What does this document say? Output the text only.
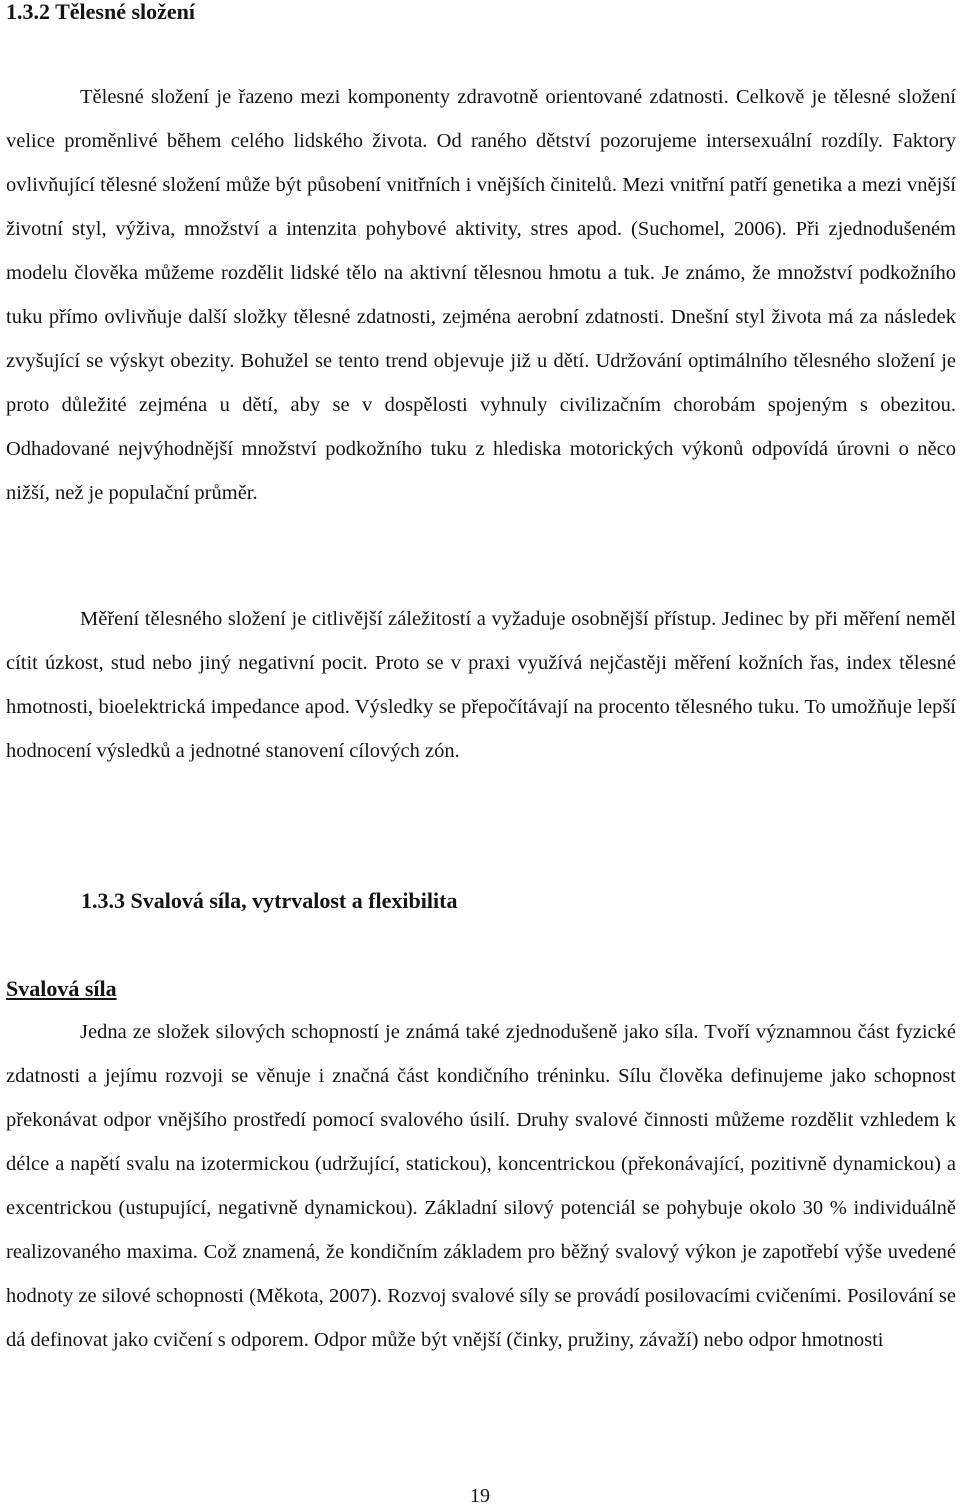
1.3.2 Tělesné složení

Tělesné složení je řazeno mezi komponenty zdravotně orientované zdatnosti. Celkově je tělesné složení velice proměnlivé během celého lidského života. Od raného dětství pozorujeme intersexuální rozdíly. Faktory ovlivňující tělesné složení může být působení vnitřních i vnějších činitelů. Mezi vnitřní patří genetika a mezi vnější životní styl, výživa, množství a intenzita pohybové aktivity, stres apod. (Suchomel, 2006). Při zjednodušeném modelu člověka můžeme rozdělit lidské tělo na aktivní tělesnou hmotu a tuk. Je známo, že množství podkožního tuku přímo ovlivňuje další složky tělesné zdatnosti, zejména aerobní zdatnosti. Dnešní styl života má za následek zvyšující se výskyt obezity. Bohužel se tento trend objevuje již u dětí. Udržování optimálního tělesného složení je proto důležité zejména u dětí, aby se v dospělosti vyhnuly civilizačním chorobám spojeným s obezitou. Odhadované nejvýhodnější množství podkožního tuku z hlediska motorických výkonů odpovídá úrovni o něco nižší, než je populační průměr.

Měření tělesného složení je citlivější záležitostí a vyžaduje osobnější přístup. Jedinec by při měření neměl cítit úzkost, stud nebo jiný negativní pocit. Proto se v praxi využívá nejčastěji měření kožních řas, index tělesné hmotnosti, bioelektrická impedance apod. Výsledky se přepočítávají na procento tělesného tuku. To umožňuje lepší hodnocení výsledků a jednotné stanovení cílových zón.

1.3.3 Svalová síla, vytrvalost a flexibilita
Svalová síla

Jedna ze složek silových schopností je známá také zjednodušeně jako síla. Tvoří významnou část fyzické zdatnosti a jejímu rozvoji se věnuje i značná část kondičního tréninku. Sílu člověka definujeme jako schopnost překonávat odpor vnějšího prostředí pomocí svalového úsilí. Druhy svalové činnosti můžeme rozdělit vzhledem k délce a napětí svalu na izotermickou (udržující, statickou), koncentrickou (překonávající, pozitivně dynamickou) a excentrickou (ustupující, negativně dynamickou). Základní silový potenciál se pohybuje okolo 30 % individuálně realizovaného maxima. Což znamená, že kondičním základem pro běžný svalový výkon je zapotřebí výše uvedené hodnoty ze silové schopnosti (Měkota, 2007). Rozvoj svalové síly se provádí posilovacími cvičeními. Posilování se dá definovat jako cvičení s odporem. Odpor může být vnější (činky, pružiny, závaží) nebo odpor hmotnosti

19
